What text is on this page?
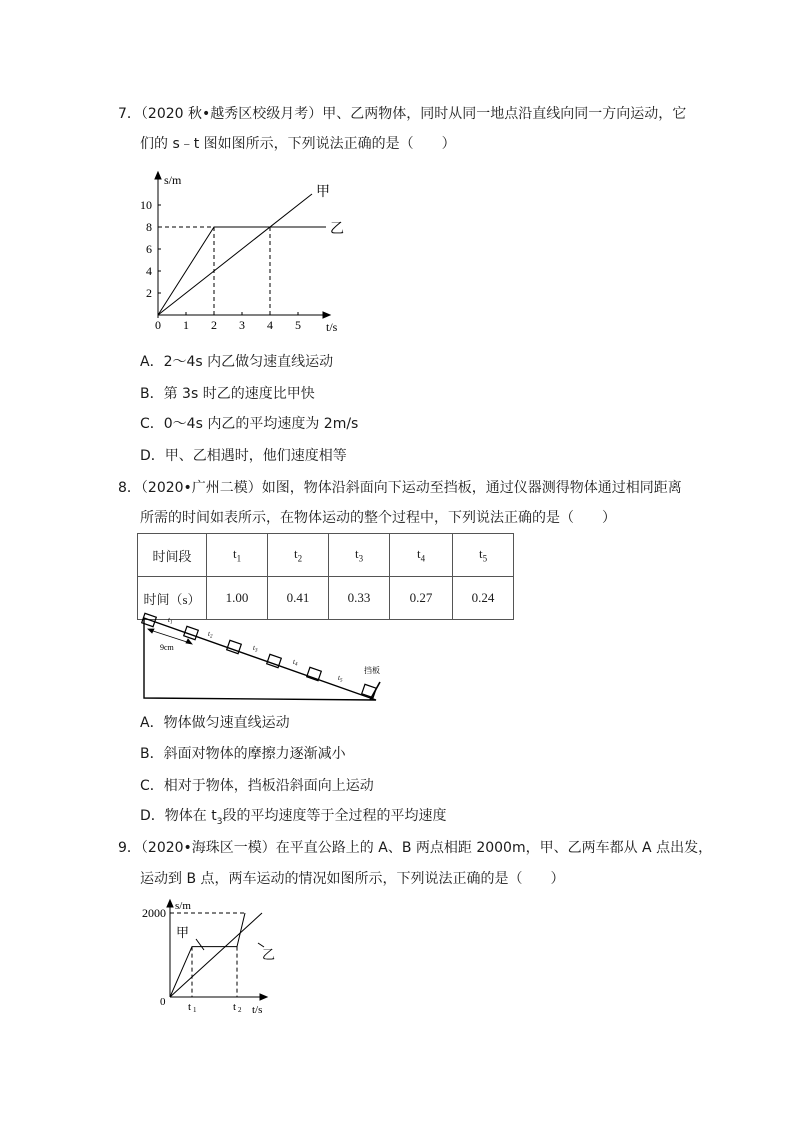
7．（2020 秋•越秀区校级月考）甲、乙两物体，同时从同一地点沿直线向同一方向运动，它
们的 s﹣t 图如图所示，下列说法正确的是（　　）
0 1 2 3 4 5
2
4
6
8
10
s/m
t/s
甲
乙
A．2～4s 内乙做匀速直线运动
B．第 3s 时乙的速度比甲快
C．0～4s 内乙的平均速度为 2m/s
D．甲、乙相遇时，他们速度相等
8．（2020•广州二模）如图，物体沿斜面向下运动至挡板，通过仪器测得物体通过相同距离
所需的时间如表所示，在物体运动的整个过程中，下列说法正确的是（　　）
时间段	$t_1$	$t_2$	$t_3$	$t_4$	$t_5$
时间（s）	1.00	0.41	0.33	0.27	0.24
$t_1$
$t_2$
$t_3$
$t_4$
$t_5$
9cm
挡板
A．物体做匀速直线运动
B．斜面对物体的摩擦力逐渐减小
C．相对于物体，挡板沿斜面向上运动
D．物体在 $t_3$段的平均速度等于全过程的平均速度
9．（2020•海珠区一模）在平直公路上的 A、B 两点相距 2000m，甲、乙两车都从 A 点出发，
运动到 B 点，两车运动的情况如图所示，下列说法正确的是（　　）
2000 s/m
t/s
0 t 1	t 2
甲
乙
